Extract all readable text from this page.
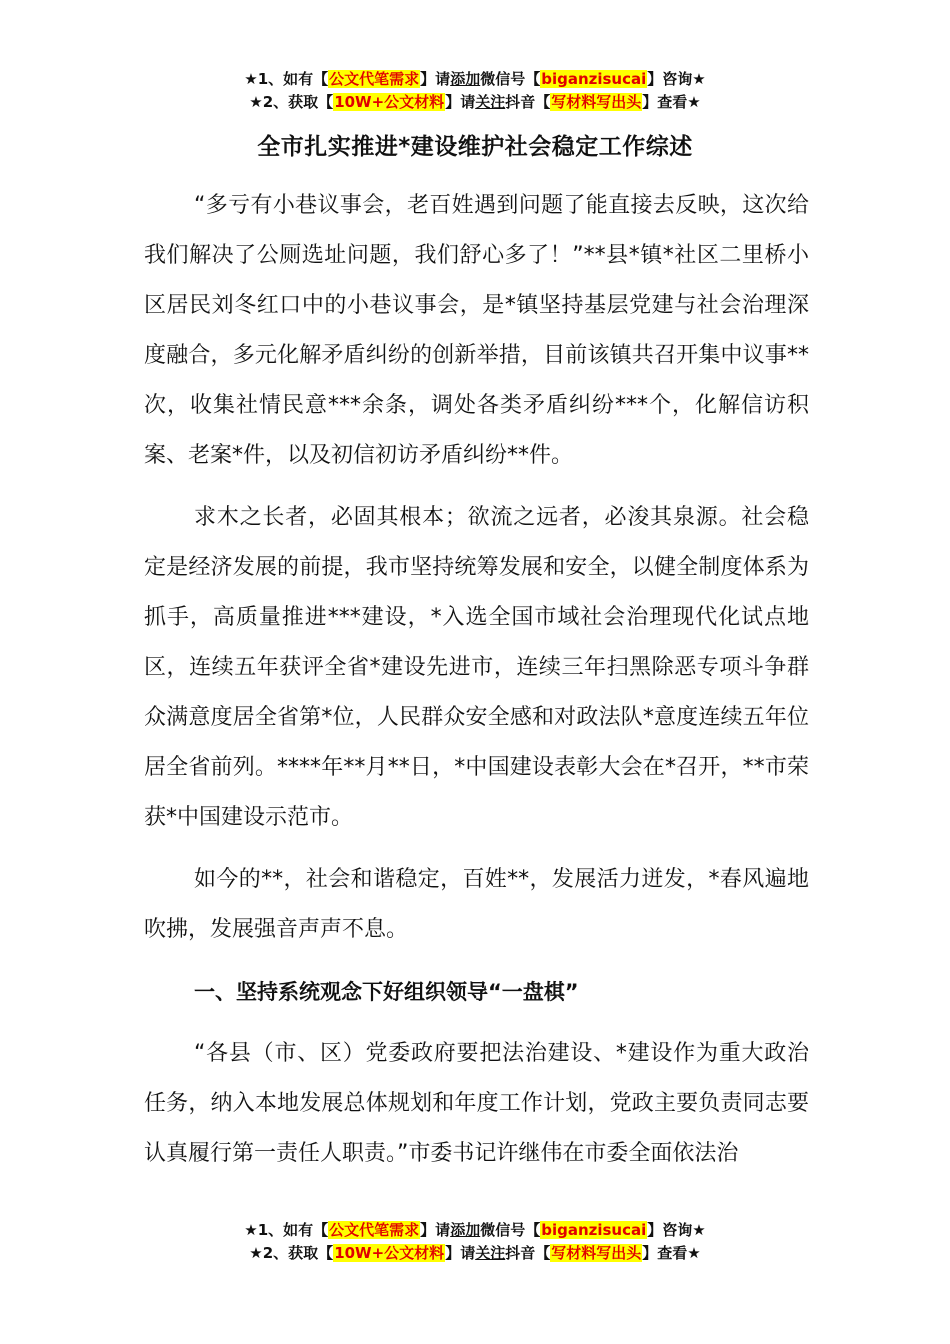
★1、如有【公文代笔需求】请添加微信号【biganzisucai】咨询★
★2、获取【10W+公文材料】请关注抖音【写材料写出头】查看★
全市扎实推进*建设维护社会稳定工作综述

“多亏有小巷议事会，老百姓遇到问题了能直接去反映，这次给我们解决了公厕选址问题，我们舒心多了！”**县*镇*社区二里桥小区居民刘冬红口中的小巷议事会，是*镇坚持基层党建与社会治理深度融合，多元化解矛盾纠纷的创新举措，目前该镇共召开集中议事**次，收集社情民意***余条，调处各类矛盾纠纷***个，化解信访积案、老案*件，以及初信初访矛盾纠纷**件。

求木之长者，必固其根本；欲流之远者，必浚其泉源。社会稳定是经济发展的前提，我市坚持统筹发展和安全，以健全制度体系为抓手，高质量推进***建设，*入选全国市域社会治理现代化试点地区，连续五年获评全省*建设先进市，连续三年扫黑除恶专项斗争群众满意度居全省第*位，人民群众安全感和对政法队*意度连续五年位居全省前列。****年**月**日，*中国建设表彰大会在*召开，**市荣获*中国建设示范市。

如今的**，社会和谐稳定，百姓**，发展活力迸发，*春风遍地吹拂，发展强音声声不息。

一、坚持系统观念下好组织领导“一盘棋”

“各县（市、区）党委政府要把法治建设、*建设作为重大政治任务，纳入本地发展总体规划和年度工作计划，党政主要负责同志要认真履行第一责任人职责。”市委书记许继伟在市委全面依法治

★1、如有【公文代笔需求】请添加微信号【biganzisucai】咨询★
★2、获取【10W+公文材料】请关注抖音【写材料写出头】查看★
